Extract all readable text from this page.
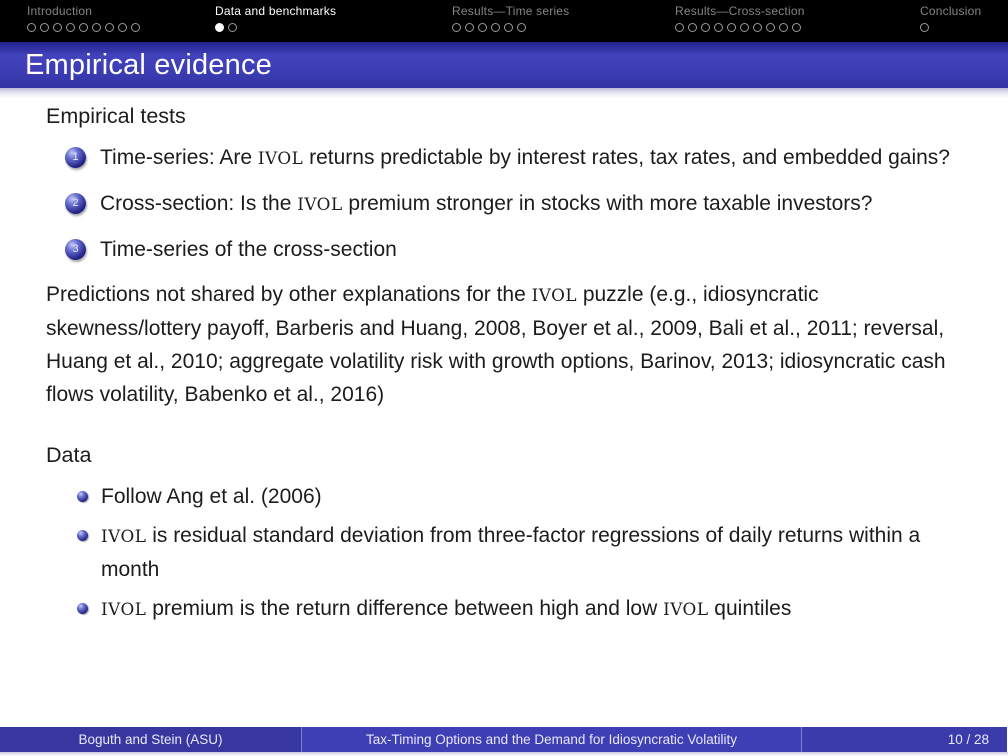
Introduction	Data and benchmarks	Results—Time series	Results—Cross-section	Conclusion
Empirical evidence

Empirical tests

1	Time-series: Are IVOL returns predictable by interest rates, tax rates, and embedded gains?
2	Cross-section: Is the IVOL premium stronger in stocks with more taxable investors?
3	Time-series of the cross-section

Predictions not shared by other explanations for the IVOL puzzle (e.g., idiosyncratic skewness/lottery payoff, Barberis and Huang, 2008, Boyer et al., 2009, Bali et al., 2011; reversal, Huang et al., 2010; aggregate volatility risk with growth options, Barinov, 2013; idiosyncratic cash flows volatility, Babenko et al., 2016)

Data

Follow Ang et al. (2006)
IVOL is residual standard deviation from three-factor regressions of daily returns within a month
IVOL premium is the return difference between high and low IVOL quintiles
Boguth and Stein (ASU)	Tax-Timing Options and the Demand for Idiosyncratic Volatility	10 / 28
